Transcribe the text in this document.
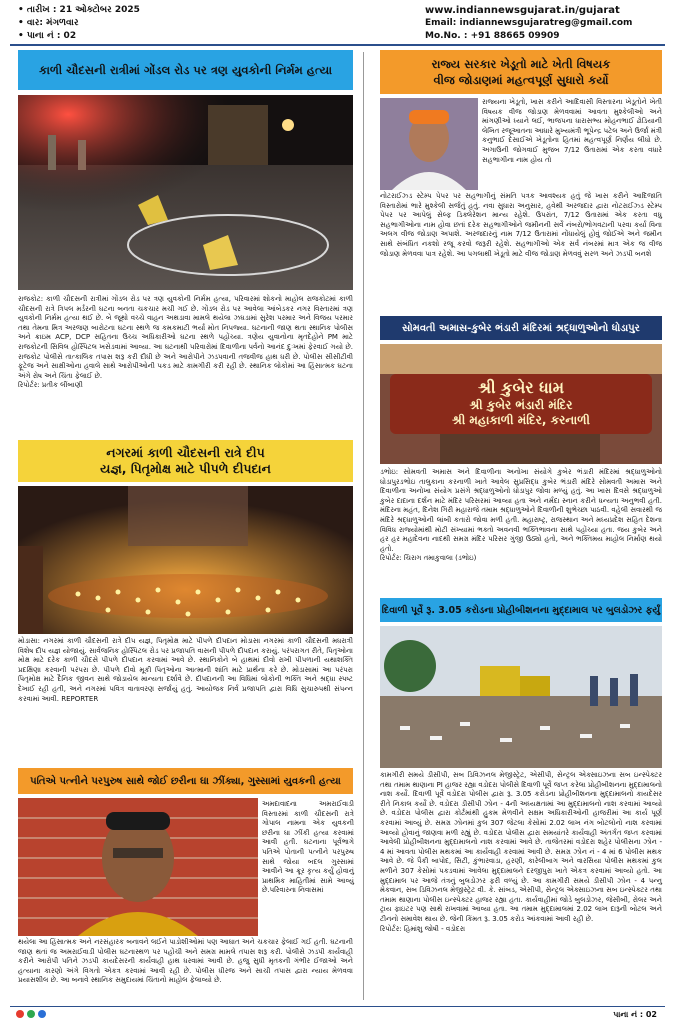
• તારીખ : 21 ઓક્ટોબર 2025
• વાર: મંગળવાર
• પાના નં : 02
www.indiannewsgujarat.in/gujarat
Email: indiannewsgujaratreg@gmail.com
Mo.No. : +91 88665 09909
કાળી ચૌદસની રાત્રીમાં ગોંડલ રોડ પર ત્રણ યુવકોની નિર્મમ હત્યા
રાજકોટ: કાળી ચૌદસની રાત્રીમાં ગોંડલ રોડ પર ત્રણ યુવકોની નિર્મમ હત્યા, પરિવારમાં શોકનો માહોલ રાજકોટમાં કાળી ચૌદસની રાત્રે ત્રિપલ મર્ડરની ઘટના બનતા ચકચાર મચી ગઈ છે. ગોંડલ રોડ પર આવેલા આંબેડકર નગર વિસ્તારમાં ત્રણ યુવકોની નિર્મમ હત્યા થઈ છે. બે જૂથો વચ્ચે વાહન અથડાવા મામલે થયેલા ઝઘડામાં સુરેશ પરમાર અને વિજય પરમાર તથા તેમના મિત્ર અરજણ બારોટના ઘટના સ્થળે જ કમકમાટી ભર્યા મોત નિપજ્યા. ઘટનાની જાણ થતા સ્થાનિક પોલીસ અને ક્રાઇમ ACP, DCP સહિતના ઉચ્ચ અધિકારીઓ ઘટના સ્થળે પહોંચ્યા. ત્રણેય યુવાનોના મૃતદેહોને PM માટે રાજકોટની સિવિલ હોસ્પિટલ ખસેડવામાં આવ્યા. આ ઘટનાથી પરિવારોમાં દિવાળીના પર્વનો આનંદ દુઃખમાં ફેરવાઈ ગયો છે. રાજકોટ પોલીસે તાત્કાલિક તપાસ શરૂ કરી દીધી છે અને આરોપીને ઝડપવાની તજવીજ હાથ ધરી છે. પોલીસ સીસીટીવી ફૂટેજ અને સાક્ષીઓના હવાલે સાથે આરોપીઓની પકડ માટે કામગીરી કરી રહી છે. સ્થાનિક લોકોમાં આ હિંસાત્મક ઘટના અંગે રોષ અને ચિંતા ફેલાઈ છે.
રિપોર્ટર: પ્રતીક લીંબાણી
નગરમાં કાળી ચૌદસની રાત્રે દીપ
યજ્ઞ, પિતૃમોક્ષ માટે પીપળે દીપદાન
મોડાસા: નગરમાં કાળી ચૌદસની રાત્રે દીપ યજ્ઞ, પિતૃમોક્ષ માટે પીપળે દીપદાન મોડાસા નગરમાં કાળી ચૌદસની મધરાત્રી વિશેષ દીપ યજ્ઞ યોજાયું. સાર્વજનિક હોસ્પિટલ રોડ પર પ્રજાપતિ વાસની પીપળે દીપદાન કરાયું. પરંપરાગત રીતે, પિતૃઓના મોક્ષ માટે દરેક કાળી ચૌદસે પીપળે દીપદાન કરવામાં આવે છે. સ્થાનિકોને બે હાથમાં દીવો રાખી પીપળાની યથાશક્તિ પ્રદક્ષિણા કરવાની પરંપરા છે. પીપળે દીવો મૂકી પિતૃઓના આત્માની શાંતિ માટે પ્રાર્થના કરે છે. મોડાસામાં આ પરંપરા પિતૃમોક્ષ માટે દૈનિક જીવન સાથે જોડાયેલ માન્યતા દર્શાવે છે. દીપદાનની આ વિધિમાં લોકોની ભક્તિ અને શ્રદ્ધા સ્પષ્ટ દેખાઈ રહી હતી, અને નગરમાં પવિત્ર વાતાવરણ સર્જાયું હતું. આયોજક નિર્વ પ્રજાપતિ દ્વારા વિધિ સુચારુપથી સંપન્ન કરવામાં આવી. REPORTER
પતિએ પત્નીને પરપુરુષ સાથે જોઈ છરીના ઘા ઝીંક્યા, ગુસ્સામાં યુવકની હત્યા
અમદાવાદના અમરાઈવાડી વિસ્તારમાં કાળી ચૌદસની રાત્રે ગોપાલ નામના એક યુવકની છરીના ઘા ઝીંકી હત્યા કરવામાં આવી હતી. ઘટનાના પૂર્વભાગે પતિએ પોતાની પત્નીને પરપુરુષ સાથે જોયા બદલ ગુસ્સામાં આવીને આ ક્રૂર કૃત્ય કર્યું હોવાનું પ્રાથમિક માહિતીમાં સામે આવ્યું છે.પરિવારના નિવાસમાં
થયેલા આ હિંસાત્મક અને નરસંહારક બનાવને લઈને પાડોશીઓમાં પણ આઘાત અને ચકચાર ફેલાઈ ગઈ હતી. ઘટનાની જાણ થતાં જ અમરાઈવાડી પોલીસ ઘટનાસ્થળ પર પહોંચી અને સમગ્ર મામલે તપાસ શરૂ કરી. પોલીસે ઝડપી કાર્યવાહી કરીને આરોપી પતિને ઝડપી કાયદેસરની કાર્યવાહી હાથ ધરવામાં આવી છે. હજુ સુધી મૃતકની ગંભીર ઈજાઓ અને હત્યાના કારણો અંગે વિગતો એકત્ર કરવામાં આવી રહી છે. પોલીસ ધીરજ અને સાચી તપાસ દ્વારા ન્યાય મેળવવા પ્રયાસશીલ છે. આ બનાવે સ્થાનિક સમુદાયમાં ચિંતાનો માહોલ ફેલાવ્યો છે.
રાજ્ય સરકાર ખેડૂતો માટે ખેતી વિષયક
વીજ જોડાણમાં મહત્વપૂર્ણ સુધારો કર્યો
રાજ્યના ખેડૂતો, ખાસ કરીને આદિવાસી વિસ્તારના ખેડૂતોને ખેતી વિષયક વીજ જોડાણ મેળવવામાં આવતા મુશ્કેલીઓ અને માંગણીઓ ધ્યાને લઈ, ભાજપના ધારાસભ્ય મોહનભાઈ ઢોડિયાની લેખિત રજૂઆતના આધારે મુખ્યમંત્રી ભૂપેન્દ્ર પટેલ અને ઉર્જા મંત્રી કનુભાઈ દેસાઈએ ખેડૂતોના હિતમાં મહત્વપૂર્ણ નિર્ણય લીધો છે. અગાઉની જોગવાઈ મુજબ 7/12 ઉતારામાં એક કરતા વધારે સહભાગીના નામ હોય તો
નોટરાઈઝ્ડ સ્ટેમ્પ પેપર પર સહભાગીનું સંમતિ પત્રક આવશ્યક હતું જે ખાસ કરીને આદિજાતિ વિસ્તારોમાં ભારે મુશ્કેલી સર્જતું હતું. નવા સુધારા અનુસાર, હવેથી અરજદાર દ્વારા નોટરાઈઝ્ડ સ્ટેમ્પ પેપર પર આપેલું સેલ્ફ ડિક્લેરેશન માન્ય રહેશે. ઉપરાંત, 7/12 ઉતારામાં એક કરતા વધુ સહભાગીઓના નામ હોવા છતાં દરેક સહભાગીઓને જમીનની સર્વે નંબરો/ભોગવટાની પરવા કર્યા વિના અલગ વીજ જોડાણ અપાશે. અરજદારનું નામ 7/12 ઉતારામાં નોંધાયેલું હોવું જોઈએ અને જમીન સાથે સંબંધિત નકશો રજૂ કરવો જરૂરી રહેશે. સહભાગીઓ એક સર્વ નંબરમાં માત્ર એક જ વીજ જોડાણ મેળવવા પાત્ર રહેશે. આ પગલાથી ખેડૂતો માટે વીજ જોડાણ મેળવવું સરળ અને ઝડપી બનશે
સોમવતી અમાસ-કુબેર ભંડારી મંદિરમાં શ્રદ્ધાળુઓનો ધોડાપુર
શ્રી કુબેર ધામ
શ્રી કુબેર ભંડારી મંદિર
શ્રી મહાકાળી મંદિર, કરનાળી
ડભોઇ: સોમવતી અમાસ અને દિવાળીના અનોખા સંયોગે કુબેર ભંડારી મંદિરમાં શ્રદ્ધાળુઓનો ધોડાપુરડભોઇ તાલુકાના કરનાળી ખાતે આવેલ સુપ્રસિદ્ધ કુબેર ભંડારી મંદિરે સોમવતી અમાસ અને દિવાળીના અનોખા સંયોગ પ્રસંગે શ્રદ્ધાળુઓનો ધોડાપુર જોવા મળ્યું હતું. આ ખાસ દિવસે શ્રદ્ધાળુઓ કુબેર દાદાના દર્શન માટે મંદિર પરિસરમાં આવ્યા હતા અને નર્મદા સ્નાન કરીને ધન્યતા અનુભવી હતી. મંદિરના મહંત, દિનેશ ગિરી મહારાજે તમામ શ્રદ્ધાળુઓને દિવાળીની શુભેચ્છા પાઠવી. વહેલી સવારથી જ મંદિરે શ્રદ્ધાળુઓની લાંબી કતારો જોવા મળી હતી. મહારાષ્ટ્ર, રાજસ્થાન અને મધ્યપ્રદેશ સહિત દેશના વિવિધ રાજ્યોમાંથી મોટી સંખ્યામાં ભક્તો અવનવી ભક્તિભાવના સાથે પહોંચ્યા હતા. જય કુબેર અને હર હર મહાદેવના નાદથી સમગ્ર મંદિર પરિસર ગુંજી ઉઠ્યો હતો, અને ભક્તિમય માહોલ નિર્માણ થયો હતો.
રિપોર્ટર: ચિરાગ તમાકુવાલા (ડભોઇ)
દિવાળી પૂર્વે રૂ. 3.05 કરોડના પ્રોહીબીશનના મુદ્દામાલ પર બુલડોઝર ફર્યું
કામગીરી સમયે ડીસીપી, સબ ડિવિઝનલ મેજીસ્ટ્રેટ, એસીપી, સેન્ટ્રલ એક્સાઇઝના સબ ઇન્સ્પેક્ટર તથા તમામ થાણાના PI હાજર રહ્યા વડોદરા પોલીસે દિવાળી પૂર્વે જપ્ત કરેલા પ્રોહીબીશનના મુદ્દામાલનો નાશ કર્યો. દિવાળી પૂર્વે વડોદરા પોલીસ દ્વારા રૂ. 3.05 કરોડના પ્રોહીબીશનના મુદ્દામાલનો કાયદેસર રીતે નિકાલ કર્યો છે. વડોદરા ડીસીપી ઝોન - 4ની અધ્યક્ષતામાં આ મુદ્દામાલનો નાશ કરવામાં આવ્યો છે. વડોદરા પોલીસ દ્વારા કોર્ટમાંથી હુકમ મેળવીને સક્ષમ અધિકારીઓની હાજરીમાં આ કાર્ય પૂર્ણ કરવામાં આવ્યું છે. સમગ્ર ઝોનમાં કુલ 307 જેટલા કેસોમાં 2.02 લાખ નંગ બોટલોનો નાશ કરવામાં આવ્યો હોવાનું જાણવા મળી રહ્યું છે. વડોદરા પોલીસ દ્વારા સમયાંતરે કાર્યવાહી અંતર્ગત જપ્ત કરવામાં આવેલી પ્રોહીબીશનના મુદ્દામાલનો નાશ કરવામાં આવે છે. તાજેતરમાં વડોદરા શહેર પોલીસના ઝોન - 4 માં આવતા પોલીસ મથકમાં આ કાર્યવાહી કરવામાં આવી છે. સમગ્ર ઝોન નં - 4 માં 6 પોલીસ મથક આવે છે. જે પૈકી બાપોદ, સિટી, કુંભારવાડા, હરણી, કારેલીબાગ અને વારસિયા પોલીસ મથકમાં કુલ મળીને 307 કેસોમાં પકડવામાં આવેલા મુદ્દામાલને દરજીપુરા ખાતે એકત્ર કરવામાં આવ્યો હતો. આ મુદ્દામાલ પર આજે તંત્રનું બુલડોઝર ફરી વળ્યું છે. આ કામગીરી સમયે ડીસીપી ઝોન - 4 પન્નુ મેકવાન, સબ ડિવિઝનલ મેજીસ્ટ્રેટ વી. કે. સાંબડ, એસીપી, સેન્ટ્રલ એક્સાઇઝના સબ ઇન્સ્પેક્ટર તથા તમામ થાણાના પોલીસ ઇન્સ્પેક્ટર હાજર રહ્યા હતા. કાર્યવાહીમાં જોડે બુલડોઝર, જેસીબી, રોલર અને ટ્રાય ફાઇટર પણ સાથે રાખવામાં આવ્યા હતા. આ તમામ મુદ્દામાલમાં 2.02 લાખ દારૂની બોટલ અને ટીનનો સમાવેશ થાય છે. જેની કિંમત રૂ. 3.05 કરોડ આંકવામાં આવી રહી છે.
રિપોર્ટર: હિમાંશુ જોષી - વડોદરા
પાના નં : 02
